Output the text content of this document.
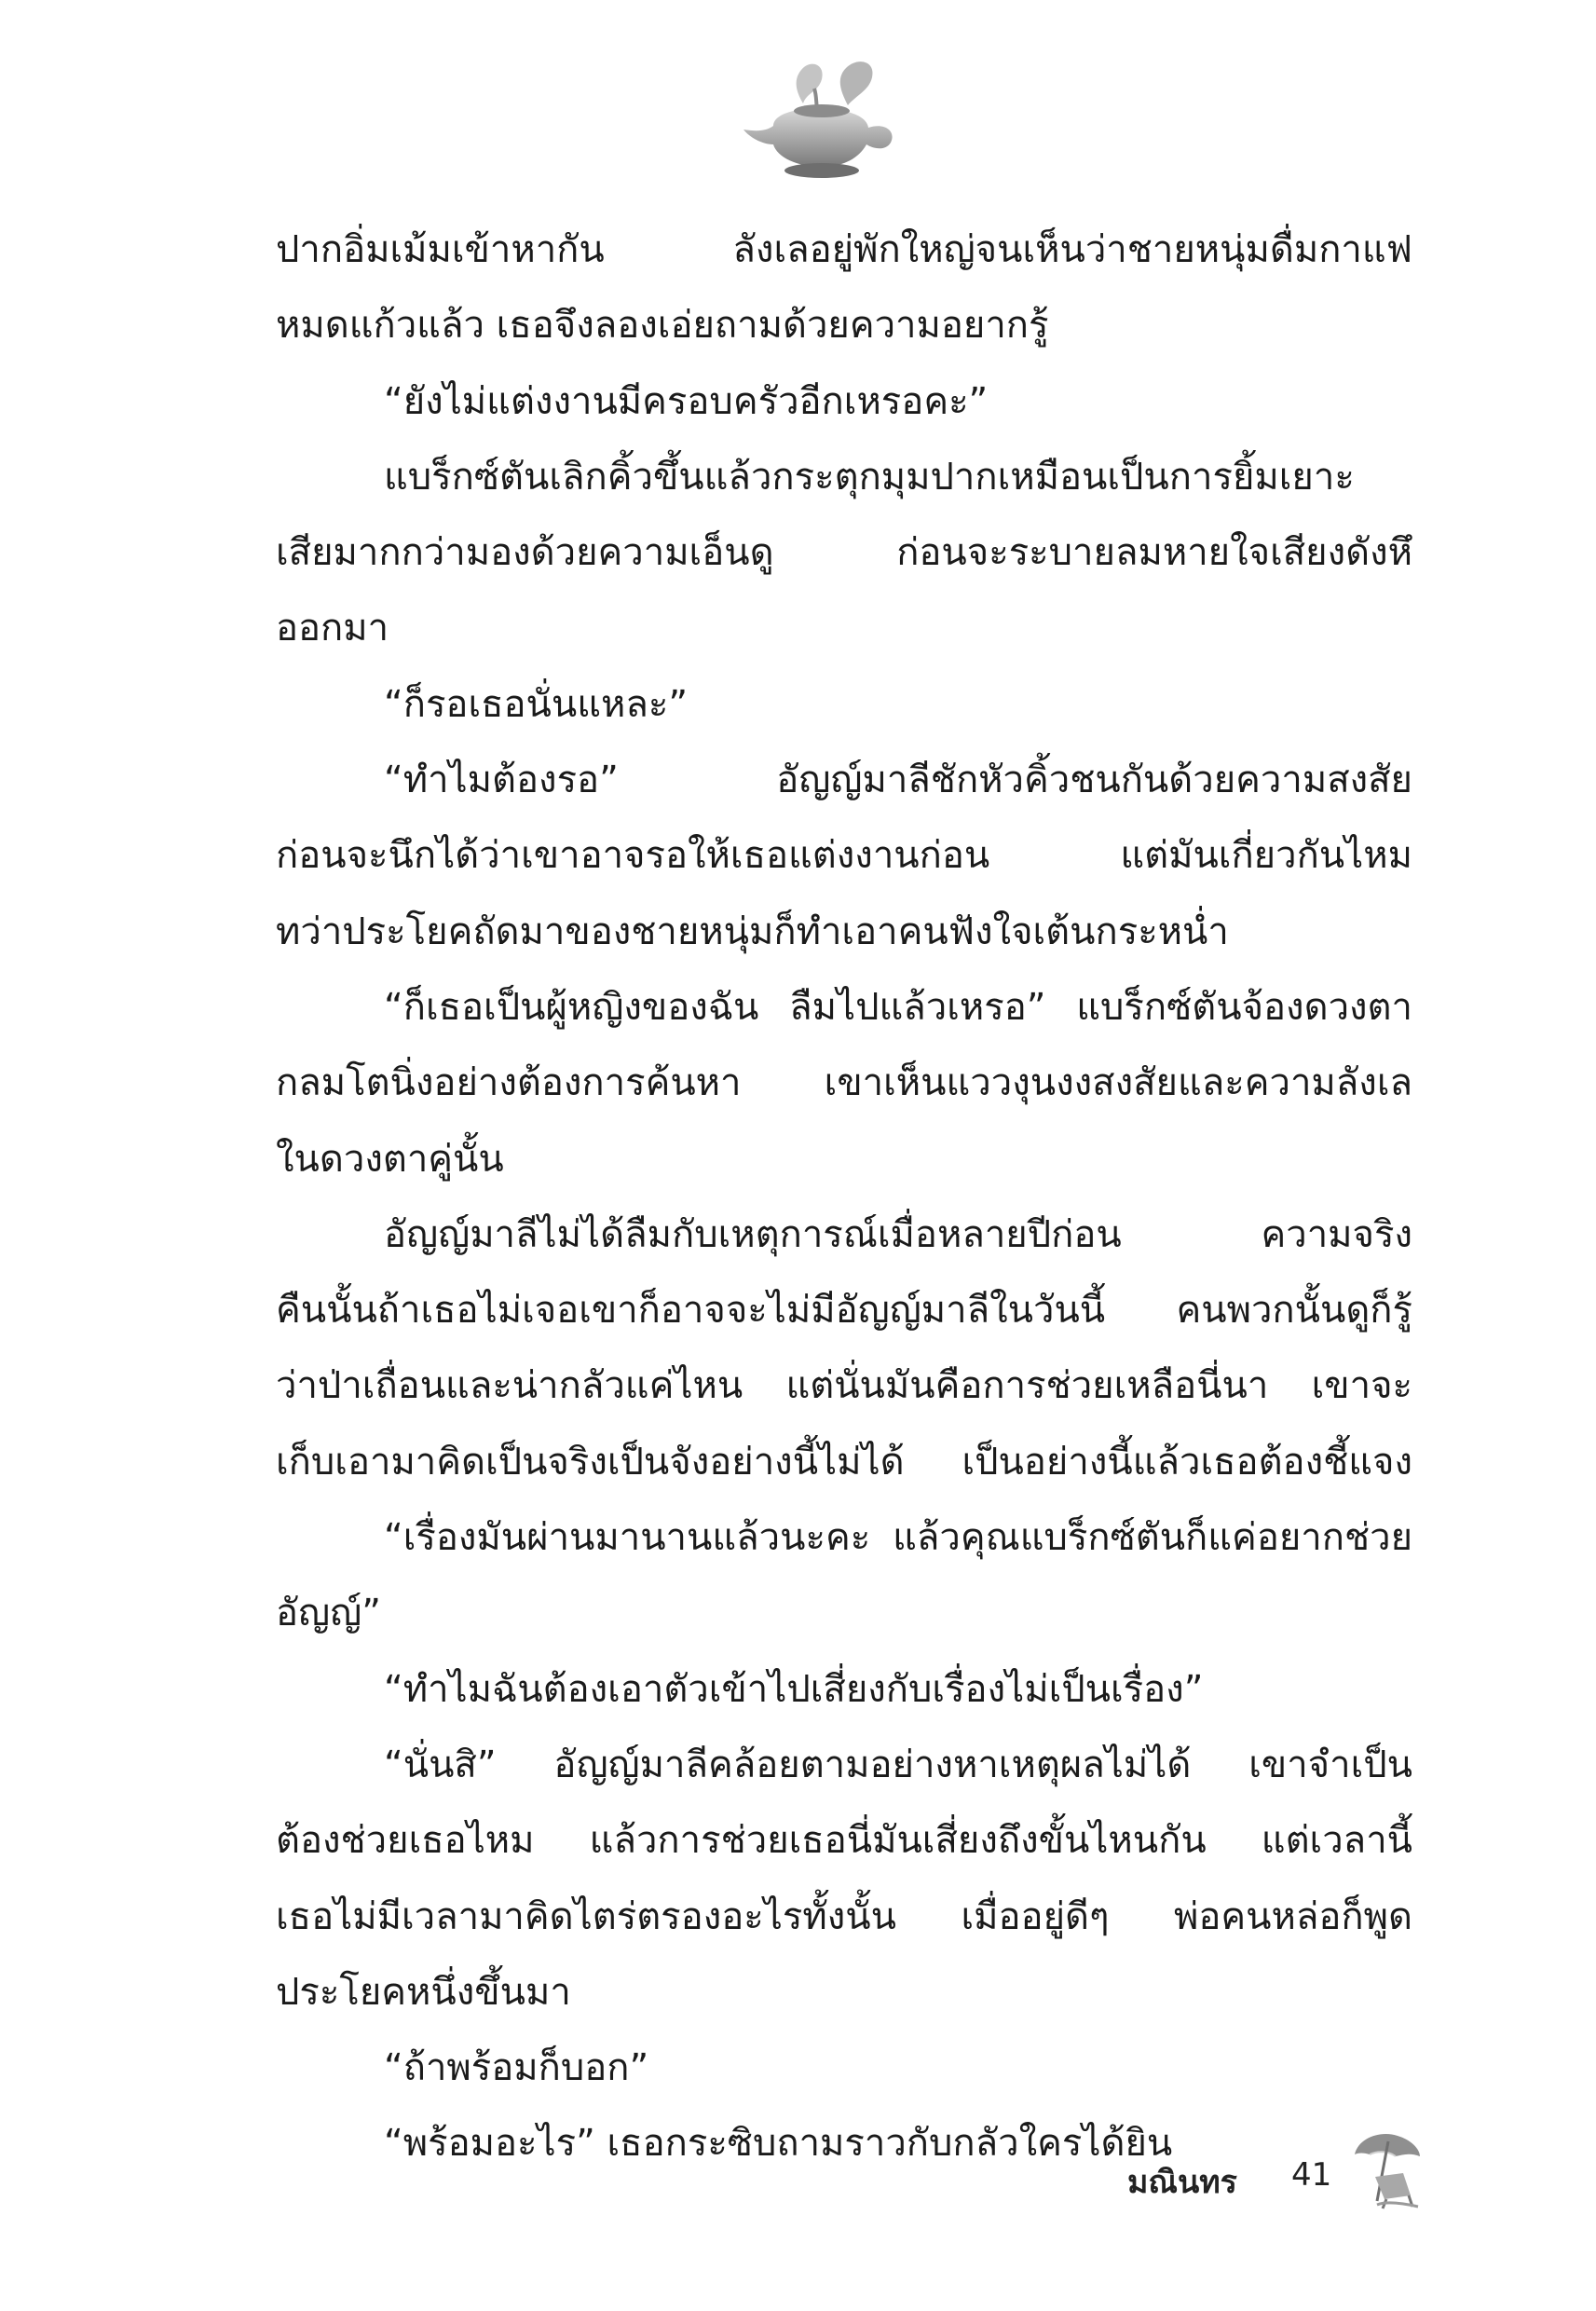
ปากอิ่มเม้มเข้าหากัน ลังเลอยู่พักใหญ่จนเห็นว่าชายหนุ่มดื่มกาแฟ
หมดแก้วแล้ว เธอจึงลองเอ่ยถามด้วยความอยากรู้
“ยังไม่แต่งงานมีครอบครัวอีกเหรอคะ”
แบร็กซ์ตันเลิกคิ้วขึ้นแล้วกระตุกมุมปากเหมือนเป็นการยิ้มเยาะ
เสียมากกว่ามองด้วยความเอ็นดู ก่อนจะระบายลมหายใจเสียงดังหึ
ออกมา
“ก็รอเธอนั่นแหละ”
“ทำไมต้องรอ” อัญญ์มาลีชักหัวคิ้วชนกันด้วยความสงสัย
ก่อนจะนึกได้ว่าเขาอาจรอให้เธอแต่งงานก่อน แต่มันเกี่ยวกันไหม
ทว่าประโยคถัดมาของชายหนุ่มก็ทำเอาคนฟังใจเต้นกระหน่ำ
“ก็เธอเป็นผู้หญิงของฉัน ลืมไปแล้วเหรอ” แบร็กซ์ตันจ้องดวงตา
กลมโตนิ่งอย่างต้องการค้นหา เขาเห็นแววงุนงงสงสัยและความลังเล
ในดวงตาคู่นั้น
อัญญ์มาลีไม่ได้ลืมกับเหตุการณ์เมื่อหลายปีก่อน ความจริง
คืนนั้นถ้าเธอไม่เจอเขาก็อาจจะไม่มีอัญญ์มาลีในวันนี้ คนพวกนั้นดูก็รู้
ว่าป่าเถื่อนและน่ากลัวแค่ไหน แต่นั่นมันคือการช่วยเหลือนี่นา เขาจะ
เก็บเอามาคิดเป็นจริงเป็นจังอย่างนี้ไม่ได้ เป็นอย่างนี้แล้วเธอต้องชี้แจง
“เรื่องมันผ่านมานานแล้วนะคะ แล้วคุณแบร็กซ์ตันก็แค่อยากช่วย
อัญญ์”
“ทำไมฉันต้องเอาตัวเข้าไปเสี่ยงกับเรื่องไม่เป็นเรื่อง”
“นั่นสิ” อัญญ์มาลีคล้อยตามอย่างหาเหตุผลไม่ได้ เขาจำเป็น
ต้องช่วยเธอไหม แล้วการช่วยเธอนี่มันเสี่ยงถึงขั้นไหนกัน แต่เวลานี้
เธอไม่มีเวลามาคิดไตร่ตรองอะไรทั้งนั้น เมื่ออยู่ดีๆ พ่อคนหล่อก็พูด
ประโยคหนึ่งขึ้นมา
“ถ้าพร้อมก็บอก”
“พร้อมอะไร” เธอกระซิบถามราวกับกลัวใครได้ยิน
มณินทร 41
